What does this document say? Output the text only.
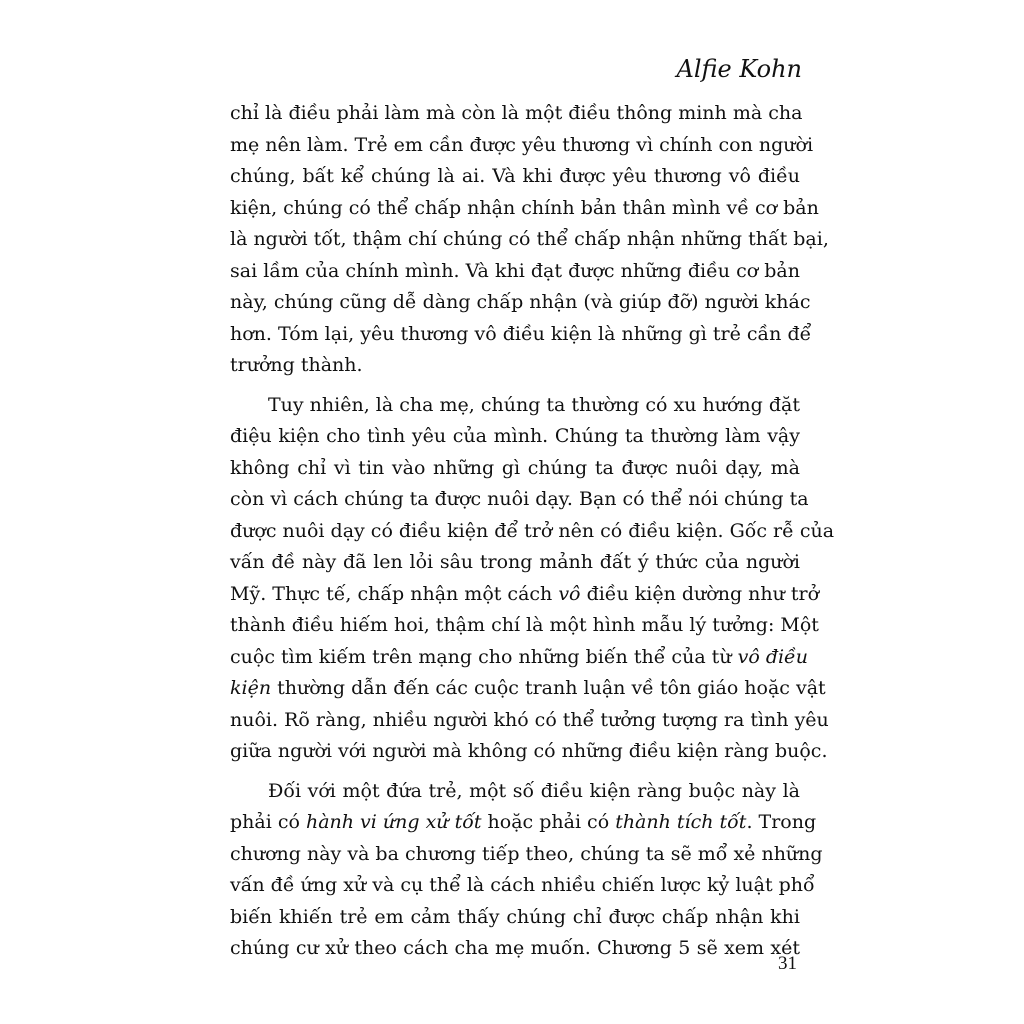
Alfie Kohn
chỉ là điều phải làm mà còn là một điều thông minh mà cha
mẹ nên làm. Trẻ em cần được yêu thương vì chính con người
chúng, bất kể chúng là ai. Và khi được yêu thương vô điều
kiện, chúng có thể chấp nhận chính bản thân mình về cơ bản
là người tốt, thậm chí chúng có thể chấp nhận những thất bại,
sai lầm của chính mình. Và khi đạt được những điều cơ bản
này, chúng cũng dễ dàng chấp nhận (và giúp đỡ) người khác
hơn. Tóm lại, yêu thương vô điều kiện là những gì trẻ cần để
trưởng thành.
Tuy nhiên, là cha mẹ, chúng ta thường có xu hướng đặt
điệu kiện cho tình yêu của mình. Chúng ta thường làm vậy
không chỉ vì tin vào những gì chúng ta được nuôi dạy, mà
còn vì cách chúng ta được nuôi dạy. Bạn có thể nói chúng ta
được nuôi dạy có điều kiện để trở nên có điều kiện. Gốc rễ của
vấn đề này đã len lỏi sâu trong mảnh đất ý thức của người
Mỹ. Thực tế, chấp nhận một cách vô điều kiện dường như trở
thành điều hiếm hoi, thậm chí là một hình mẫu lý tưởng: Một
cuộc tìm kiếm trên mạng cho những biến thể của từ vô điều
kiện thường dẫn đến các cuộc tranh luận về tôn giáo hoặc vật
nuôi. Rõ ràng, nhiều người khó có thể tưởng tượng ra tình yêu
giữa người với người mà không có những điều kiện ràng buộc.
Đối với một đứa trẻ, một số điều kiện ràng buộc này là
phải có hành vi ứng xử tốt hoặc phải có thành tích tốt. Trong
chương này và ba chương tiếp theo, chúng ta sẽ mổ xẻ những
vấn đề ứng xử và cụ thể là cách nhiều chiến lược kỷ luật phổ
biến khiến trẻ em cảm thấy chúng chỉ được chấp nhận khi
chúng cư xử theo cách cha mẹ muốn. Chương 5 sẽ xem xét
31
